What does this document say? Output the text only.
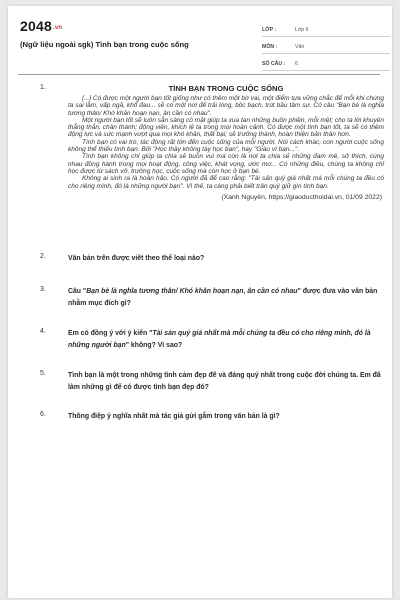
2048.vn
(Ngữ liệu ngoài sgk) Tình bạn trong cuộc sống
LỚP :	Lớp 6
MÔN :	Văn
SỐ CÂU :	6
1.	TÌNH BẠN TRONG CUỘC SỐNG

[...] Có được một người bạn tốt giống như có thêm một bờ vai, một điểm tựa vững chắc để mỗi khi chúng ta sai lầm, vấp ngã, khổ đau... sẽ có một nơi để trải lòng, bộc bạch, trút bầu tâm sự. Có câu "Bạn bè là nghĩa tương thân/ Khó khăn hoạn nạn, ân cần có nhau".

Một người bạn tốt sẽ luôn sẵn sàng có mặt giúp ta xua tan những buồn phiền, mỗi mệt; cho ta lời khuyên thẳng thắn, chân thành; động viên, khích lệ ta trong mọi hoàn cảnh. Có được một tình bạn tốt, ta sẽ có thêm động lực và sức mạnh vượt qua mọi khó khăn, thất bại; sẽ trưởng thành, hoàn thiện bản thân hơn.

Tình bạn có vai trò, tác động rất lớn đến cuộc sống của mỗi người. Nói cách khác, con người cuộc sống không thể thiếu tình bạn. Bởi "Học thầy không tày học bạn", hay "Giàu vì bạn...".

Tình bạn không chỉ giúp ta chia sẻ buồn vui mà còn là nơi ta chia sẻ những đam mê, sở thích, cùng nhau đồng hành trong mọi hoạt động, công việc, khát vọng, ước mơ... Có những điều, chúng ta không chỉ học được từ sách vở, trường học, cuộc sống mà còn học ở bạn bè.

Không ai sinh ra là hoàn hảo. Có người đã để cao rằng: "Tài sản quý giá nhất mà mỗi chúng ta đều có cho riêng mình, đó là những người bạn". Vì thế, ta càng phải biết trân quý giữ gìn tình bạn.

(Xanh Nguyên, https://giaoducthoidai.vn, 01/09 2022)
2.	Văn bản trên được viết theo thể loại nào?
3.	Câu "Bạn bè là nghĩa tương thân/ Khó khăn hoạn nạn, ân cần có nhau" được đưa vào văn bản nhằm mục đích gì?
4.	Em có đồng ý với ý kiến "Tài sản quý giá nhất mà mỗi chúng ta đều có cho riêng mình, đó là những người bạn" không? Vì sao?
5.	Tình bạn là một trong những tình cảm đẹp đẽ và đáng quý nhất trong cuộc đời chúng ta. Em đã làm những gì để có được tình bạn đẹp đó?
6.	Thông điệp ý nghĩa nhất mà tác giả gửi gắm trong văn bản là gì?
